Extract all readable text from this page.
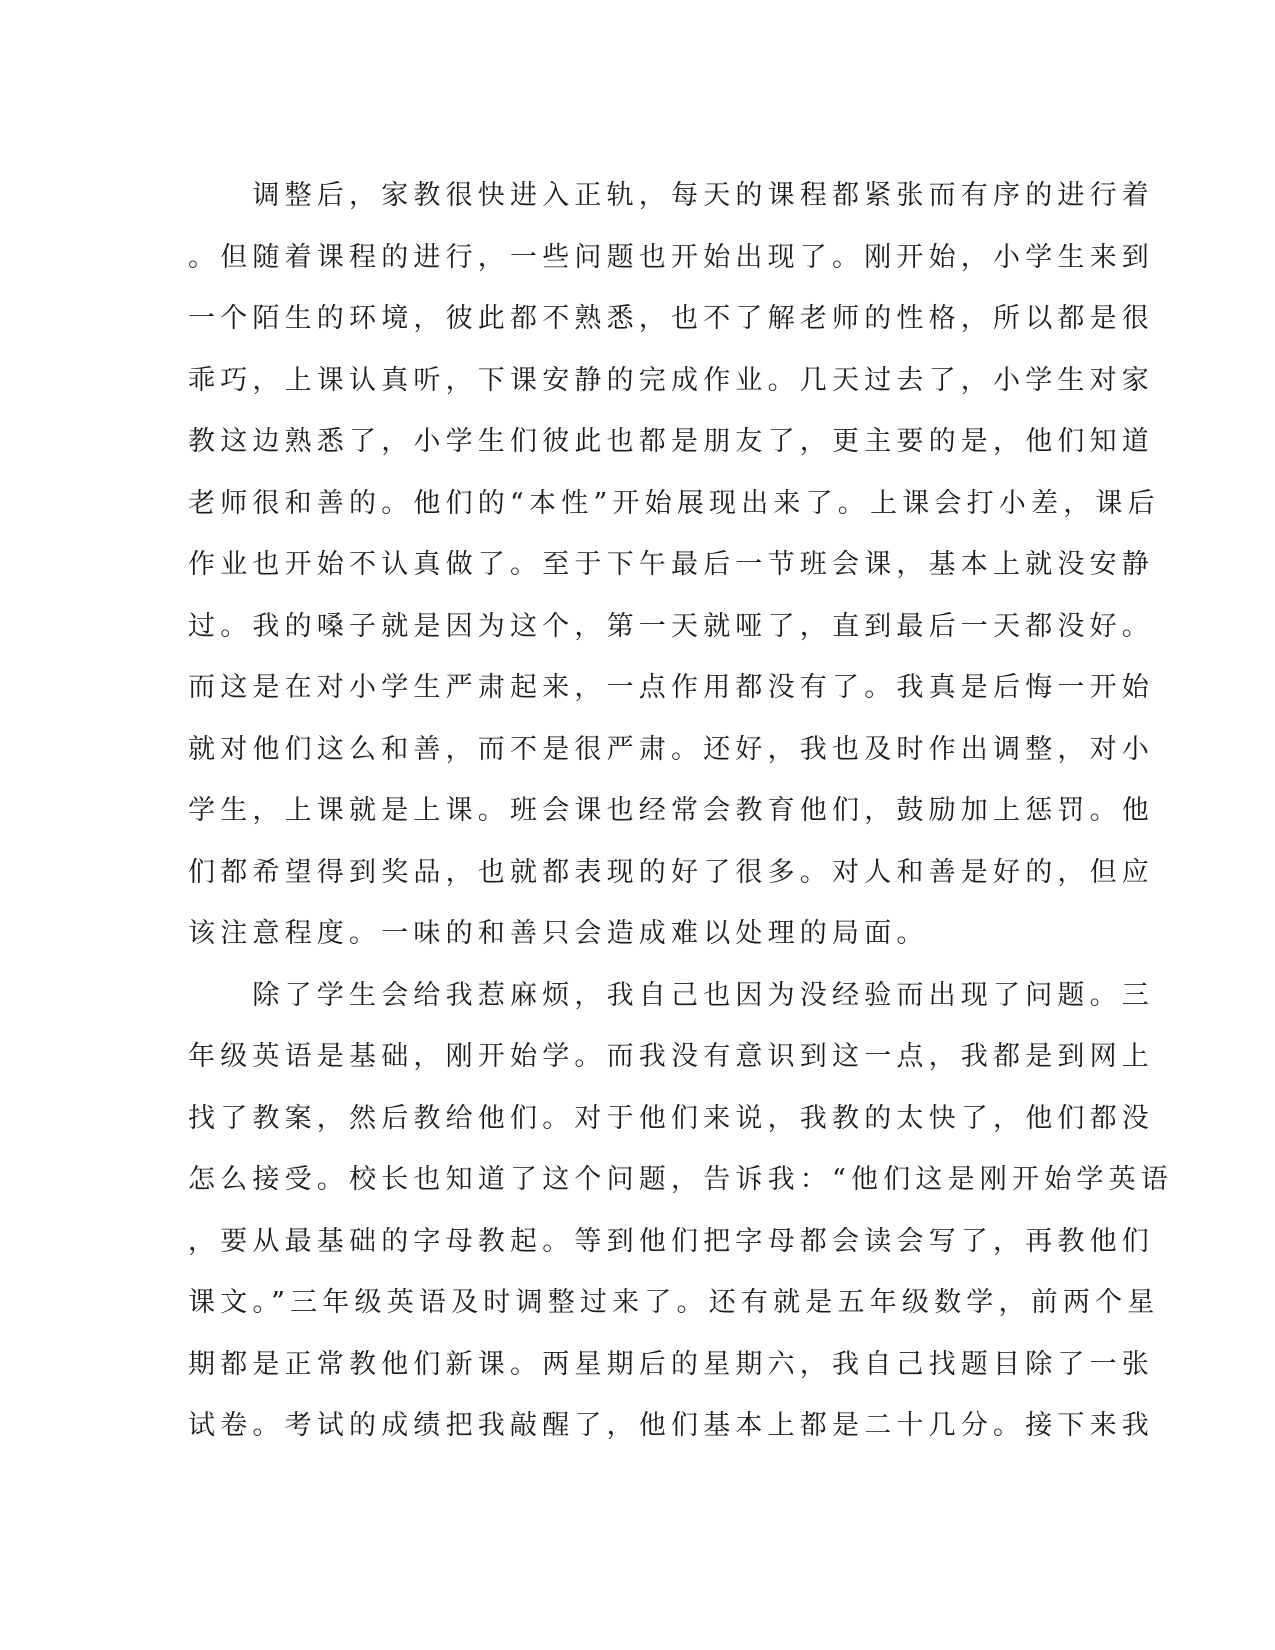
　　调整后，家教很快进入正轨，每天的课程都紧张而有序的进行着
。但随着课程的进行，一些问题也开始出现了。刚开始，小学生来到
一个陌生的环境，彼此都不熟悉，也不了解老师的性格，所以都是很
乖巧，上课认真听，下课安静的完成作业。几天过去了，小学生对家
教这边熟悉了，小学生们彼此也都是朋友了，更主要的是，他们知道
老师很和善的。他们的“本性”开始展现出来了。上课会打小差，课后
作业也开始不认真做了。至于下午最后一节班会课，基本上就没安静
过。我的嗓子就是因为这个，第一天就哑了，直到最后一天都没好。
而这是在对小学生严肃起来，一点作用都没有了。我真是后悔一开始
就对他们这么和善，而不是很严肃。还好，我也及时作出调整，对小
学生，上课就是上课。班会课也经常会教育他们，鼓励加上惩罚。他
们都希望得到奖品，也就都表现的好了很多。对人和善是好的，但应
该注意程度。一味的和善只会造成难以处理的局面。
　　除了学生会给我惹麻烦，我自己也因为没经验而出现了问题。三
年级英语是基础，刚开始学。而我没有意识到这一点，我都是到网上
找了教案，然后教给他们。对于他们来说，我教的太快了，他们都没
怎么接受。校长也知道了这个问题，告诉我：“他们这是刚开始学英语
，要从最基础的字母教起。等到他们把字母都会读会写了，再教他们
课文。”三年级英语及时调整过来了。还有就是五年级数学，前两个星
期都是正常教他们新课。两星期后的星期六，我自己找题目除了一张
试卷。考试的成绩把我敲醒了，他们基本上都是二十几分。接下来我
